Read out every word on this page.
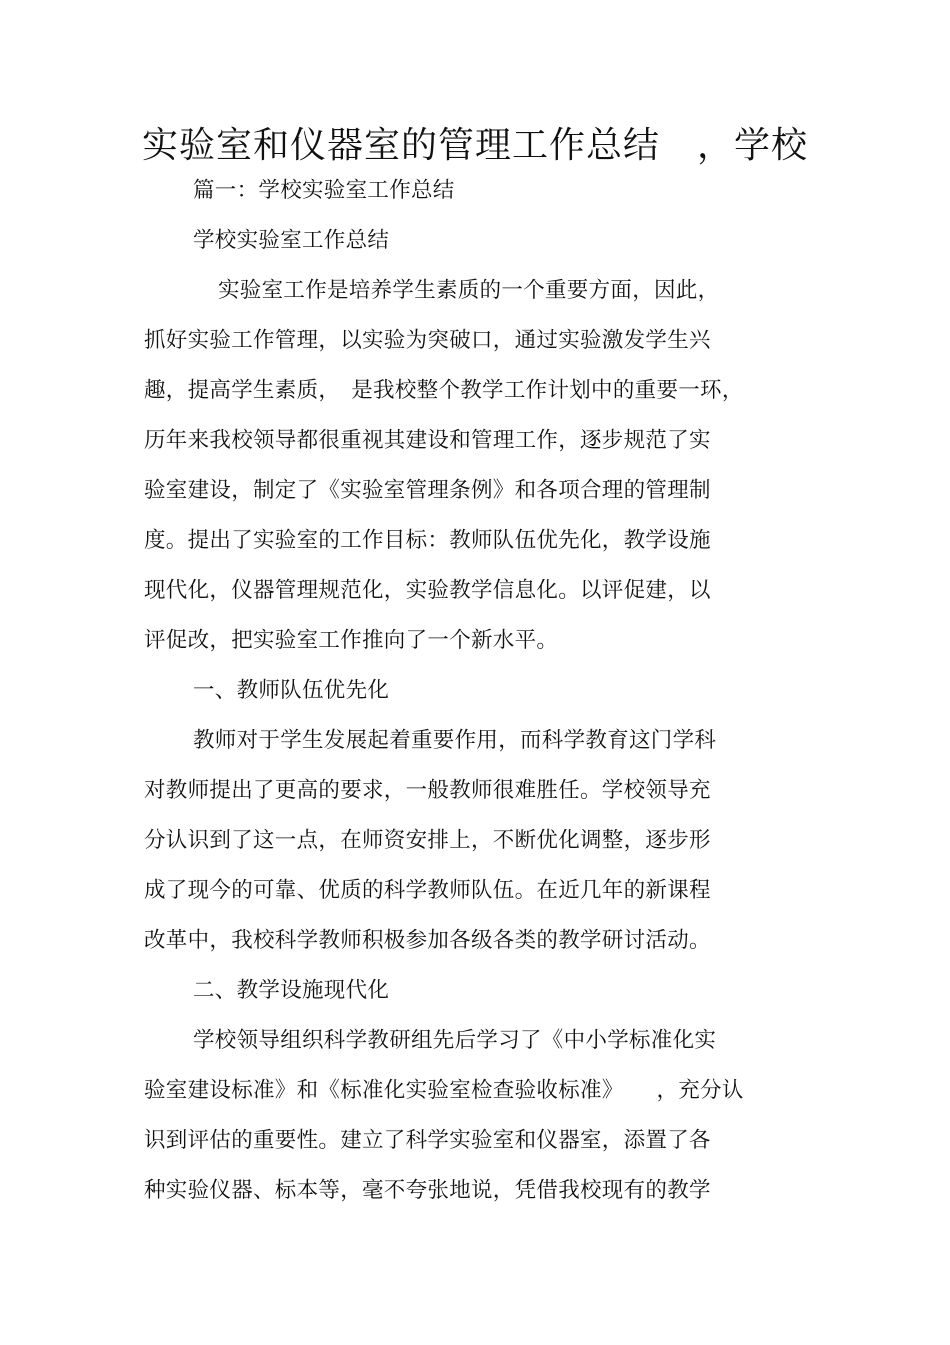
实验室和仪器室的管理工作总结　，学校
篇一：学校实验室工作总结
学校实验室工作总结
实验室工作是培养学生素质的一个重要方面，因此，
抓好实验工作管理，以实验为突破口，通过实验激发学生兴
趣，提高学生素质，　是我校整个教学工作计划中的重要一环，
历年来我校领导都很重视其建设和管理工作，逐步规范了实
验室建设，制定了《实验室管理条例》和各项合理的管理制
度。提出了实验室的工作目标：教师队伍优先化，教学设施
现代化，仪器管理规范化，实验教学信息化。以评促建，以
评促改，把实验室工作推向了一个新水平。
一、教师队伍优先化
教师对于学生发展起着重要作用，而科学教育这门学科
对教师提出了更高的要求，一般教师很难胜任。学校领导充
分认识到了这一点，在师资安排上，不断优化调整，逐步形
成了现今的可靠、优质的科学教师队伍。在近几年的新课程
改革中，我校科学教师积极参加各级各类的教学研讨活动。
二、教学设施现代化
学校领导组织科学教研组先后学习了《中小学标准化实
验室建设标准》和《标准化实验室检查验收标准》　　，充分认
识到评估的重要性。建立了科学实验室和仪器室，添置了各
种实验仪器、标本等，毫不夸张地说，凭借我校现有的教学
